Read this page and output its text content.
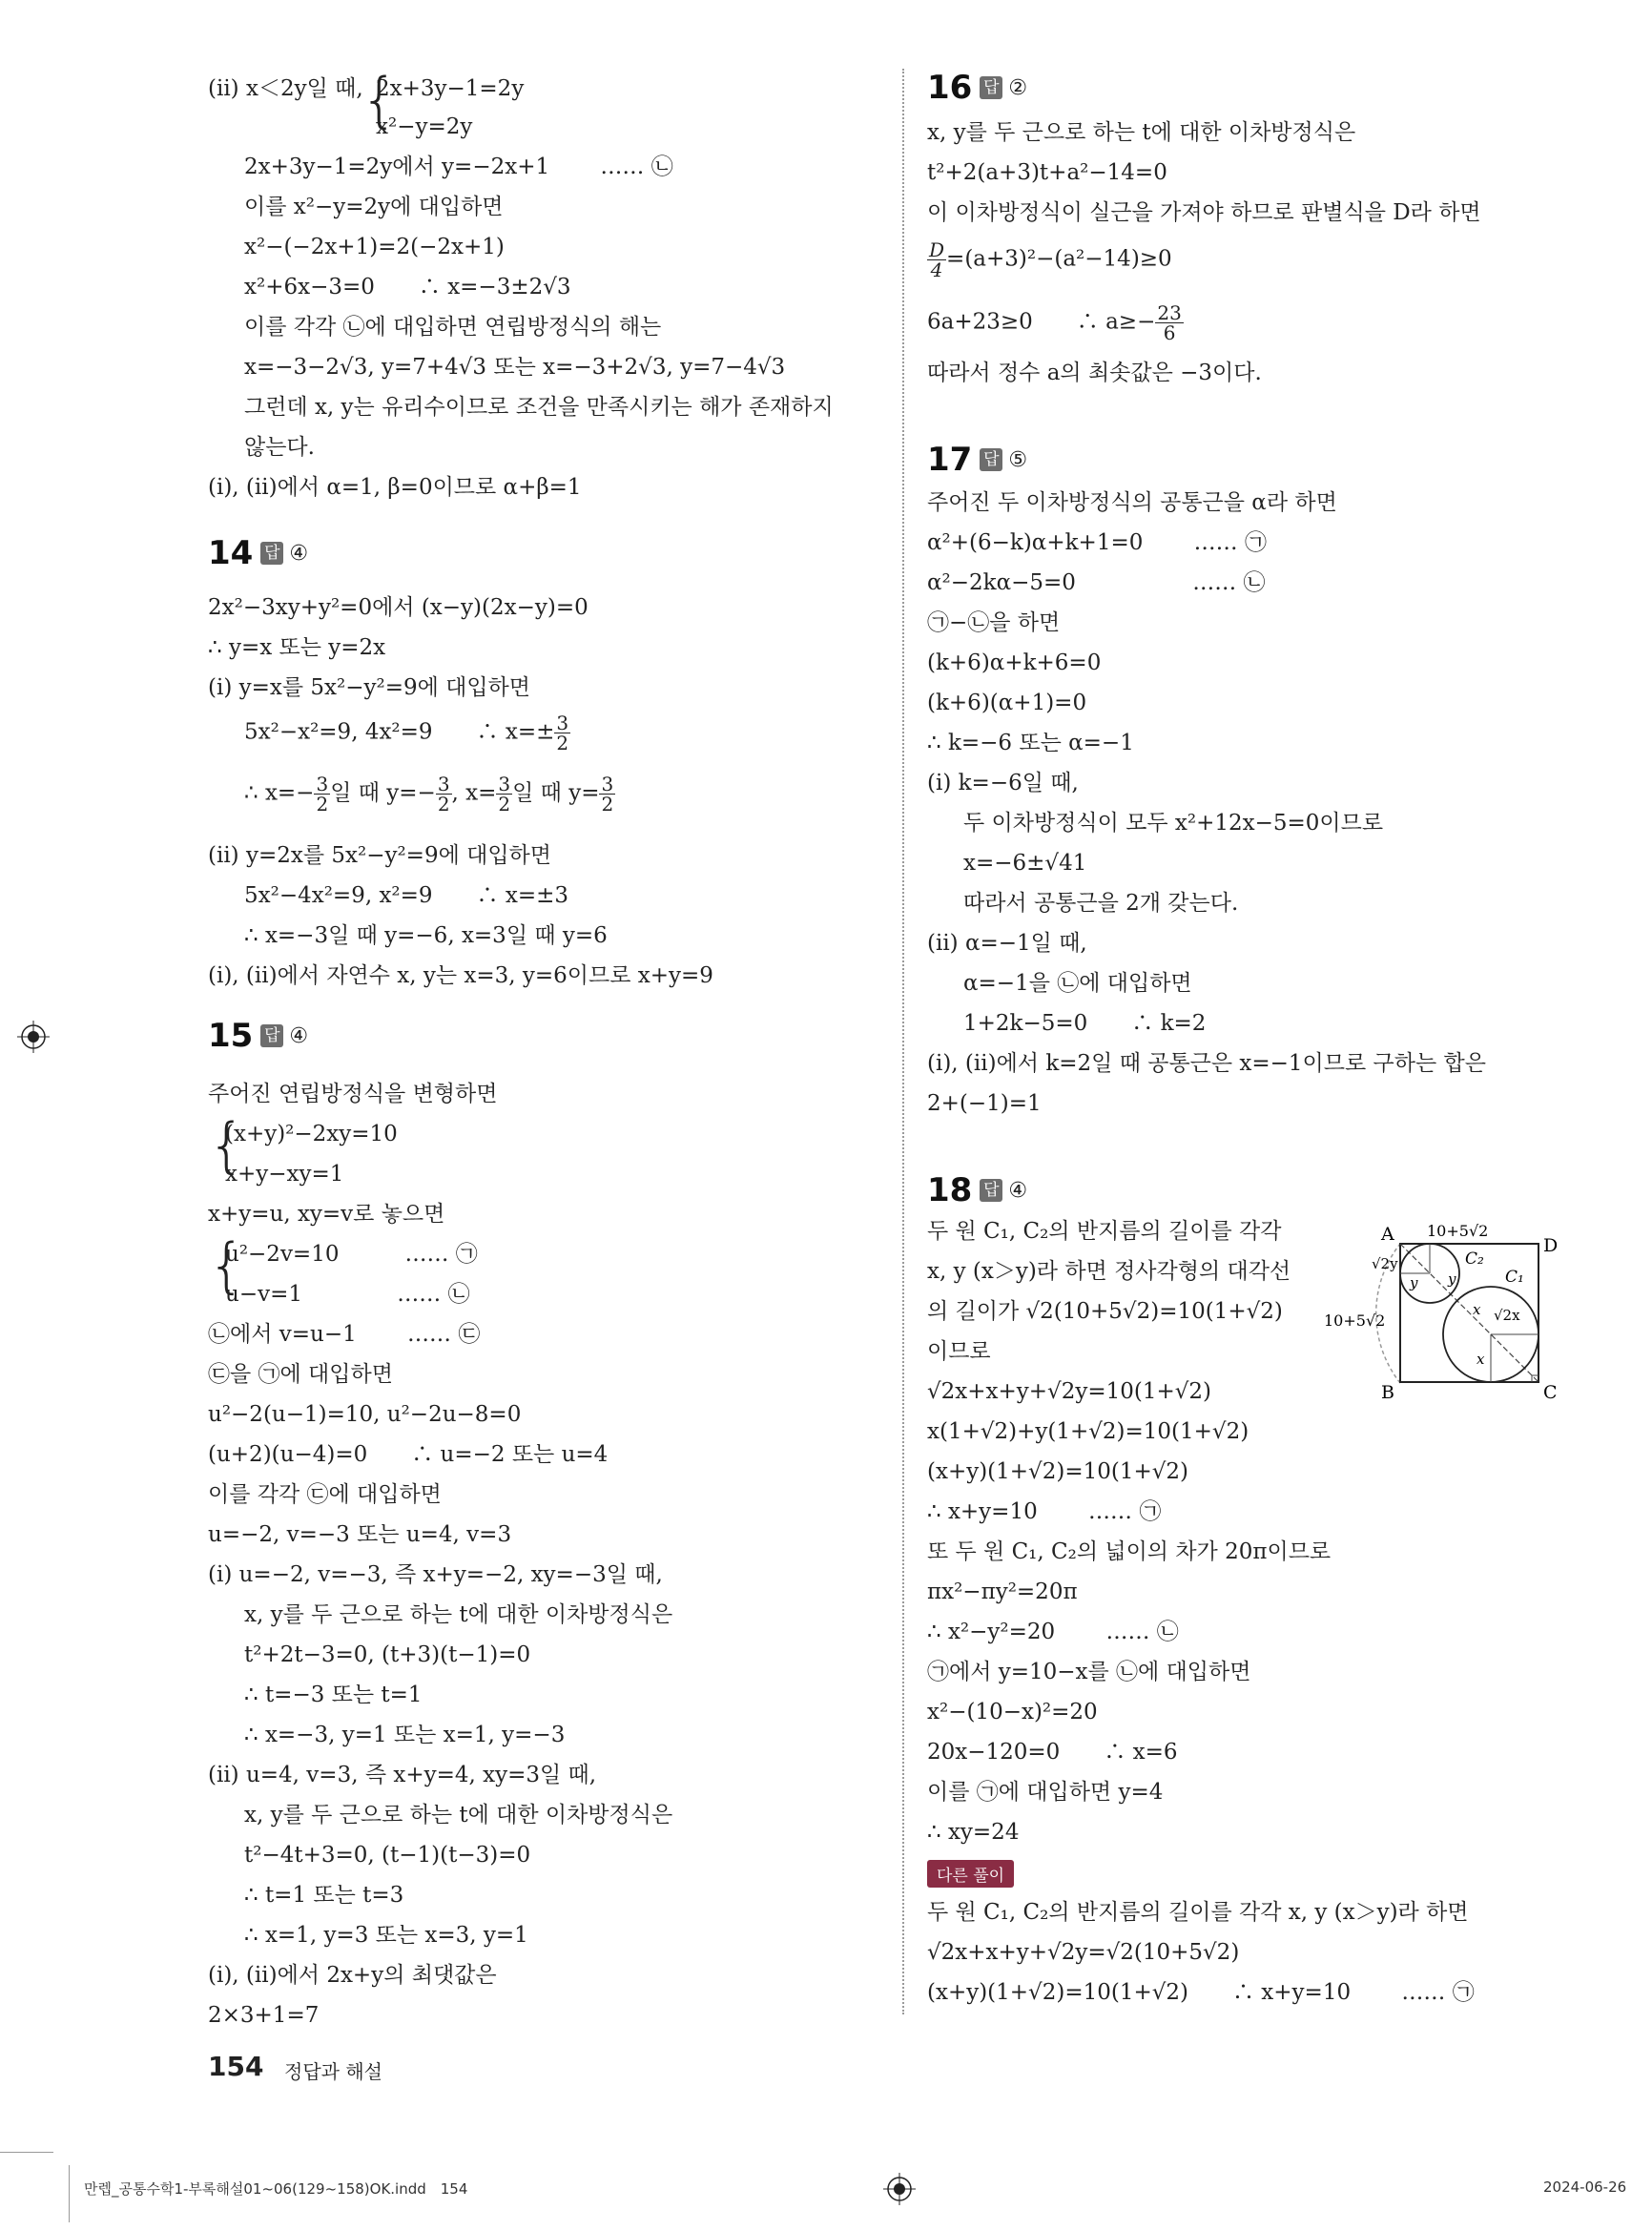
{
{
{
14 답 ④
5x²−x²=9, 4x²=9　　∴ $x=\pm \frac{3}{2}$
∴ $x=- \frac{3}{2}$ 일 때 $y=- \frac{3}{2}$ , $x= \frac{3}{2}$ 일 때 $y= \frac{3}{2}$
15 답 ④
(ⅱ) x＜2y일 때, 2x+3y−1=2y
x²−y=2y
2x+3y−1=2y에서 y=−2x+1　　 …… ㉡
이를 x²−y=2y에 대입하면
x²−(−2x+1)=2(−2x+1)
x²+6x−3=0　　∴ x=−3±2√3
이를 각각 ㉡에 대입하면 연립방정식의 해는
x=−3−2√3, y=7+4√3 또는 x=−3+2√3, y=7−4√3
그런데 x, y는 유리수이므로 조건을 만족시키는 해가 존재하지
않는다.
(ⅰ), (ⅱ)에서 α=1, β=0이므로 α+β=1
2x²−3xy+y²=0에서 (x−y)(2x−y)=0
∴ y=x 또는 y=2x
(ⅰ) y=x를 5x²−y²=9에 대입하면
(ⅱ) y=2x를 5x²−y²=9에 대입하면
5x²−4x²=9, x²=9　　∴ x=±3
∴ x=−3일 때 y=−6, x=3일 때 y=6
(ⅰ), (ⅱ)에서 자연수 x, y는 x=3, y=6이므로 x+y=9
주어진 연립방정식을 변형하면
(x+y)²−2xy=10
x+y−xy=1
x+y=u, xy=v로 놓으면
u²−2v=10　　　…… ㉠
u−v=1　　　　 …… ㉡
㉡에서 v=u−1　　 …… ㉢
㉢을 ㉠에 대입하면
u²−2(u−1)=10, u²−2u−8=0
(u+2)(u−4)=0　　∴ u=−2 또는 u=4
이를 각각 ㉢에 대입하면
u=−2, v=−3 또는 u=4, v=3
(ⅰ) u=−2, v=−3, 즉 x+y=−2, xy=−3일 때,
x, y를 두 근으로 하는 t에 대한 이차방정식은
t²+2t−3=0, (t+3)(t−1)=0
∴ t=−3 또는 t=1
∴ x=−3, y=1 또는 x=1, y=−3
(ⅱ) u=4, v=3, 즉 x+y=4, xy=3일 때,
x, y를 두 근으로 하는 t에 대한 이차방정식은
t²−4t+3=0, (t−1)(t−3)=0
∴ t=1 또는 t=3
∴ x=1, y=3 또는 x=3, y=1
(ⅰ), (ⅱ)에서 2x+y의 최댓값은
2×3+1=7
16 답 ②
$\frac{D}{4} =(a+3)^2-(a^2-14)\ge 0$
6a+23≥0　　∴ $a\ge- \frac{23}{6}$
17 답 ⑤
18 답 ④
다른 풀이
x, y를 두 근으로 하는 t에 대한 이차방정식은
t²+2(a+3)t+a²−14=0
이 이차방정식이 실근을 가져야 하므로 판별식을 D라 하면
따라서 정수 a의 최솟값은 −3이다.
주어진 두 이차방정식의 공통근을 α라 하면
α²+(6−k)α+k+1=0　　 …… ㉠
α²−2kα−5=0　　　　　 …… ㉡
㉠−㉡을 하면
(k+6)α+k+6=0
(k+6)(α+1)=0
∴ k=−6 또는 α=−1
(ⅰ) k=−6일 때,
두 이차방정식이 모두 x²+12x−5=0이므로
x=−6±√41
따라서 공통근을 2개 갖는다.
(ⅱ) α=−1일 때,
α=−1을 ㉡에 대입하면
1+2k−5=0　　∴ k=2
(ⅰ), (ⅱ)에서 k=2일 때 공통근은 x=−1이므로 구하는 합은
2+(−1)=1
두 원 C₁, C₂의 반지름의 길이를 각각
x, y (x＞y)라 하면 정사각형의 대각선
의 길이가 √2(10+5√2)=10(1+√2)
이므로
√2x+x+y+√2y=10(1+√2)
x(1+√2)+y(1+√2)=10(1+√2)
(x+y)(1+√2)=10(1+√2)
∴ x+y=10　　 …… ㉠
또 두 원 C₁, C₂의 넓이의 차가 20π이므로
πx²−πy²=20π
∴ x²−y²=20　　 …… ㉡
㉠에서 y=10−x를 ㉡에 대입하면
x²−(10−x)²=20
20x−120=0　　∴ x=6
이를 ㉠에 대입하면 y=4
∴ xy=24
두 원 C₁, C₂의 반지름의 길이를 각각 x, y (x＞y)라 하면
√2x+x+y+√2y=√2(10+5√2)
(x+y)(1+√2)=10(1+√2)　　∴ x+y=10　　 …… ㉠
A
D
B	C
10+5√2
10+5√2
√2y
y y
C₂
C₁
√2x
x
x
154 정답과 해설
만렙_공통수학1-부록해설01~06(129~158)OK.indd　154	2024-06-26
